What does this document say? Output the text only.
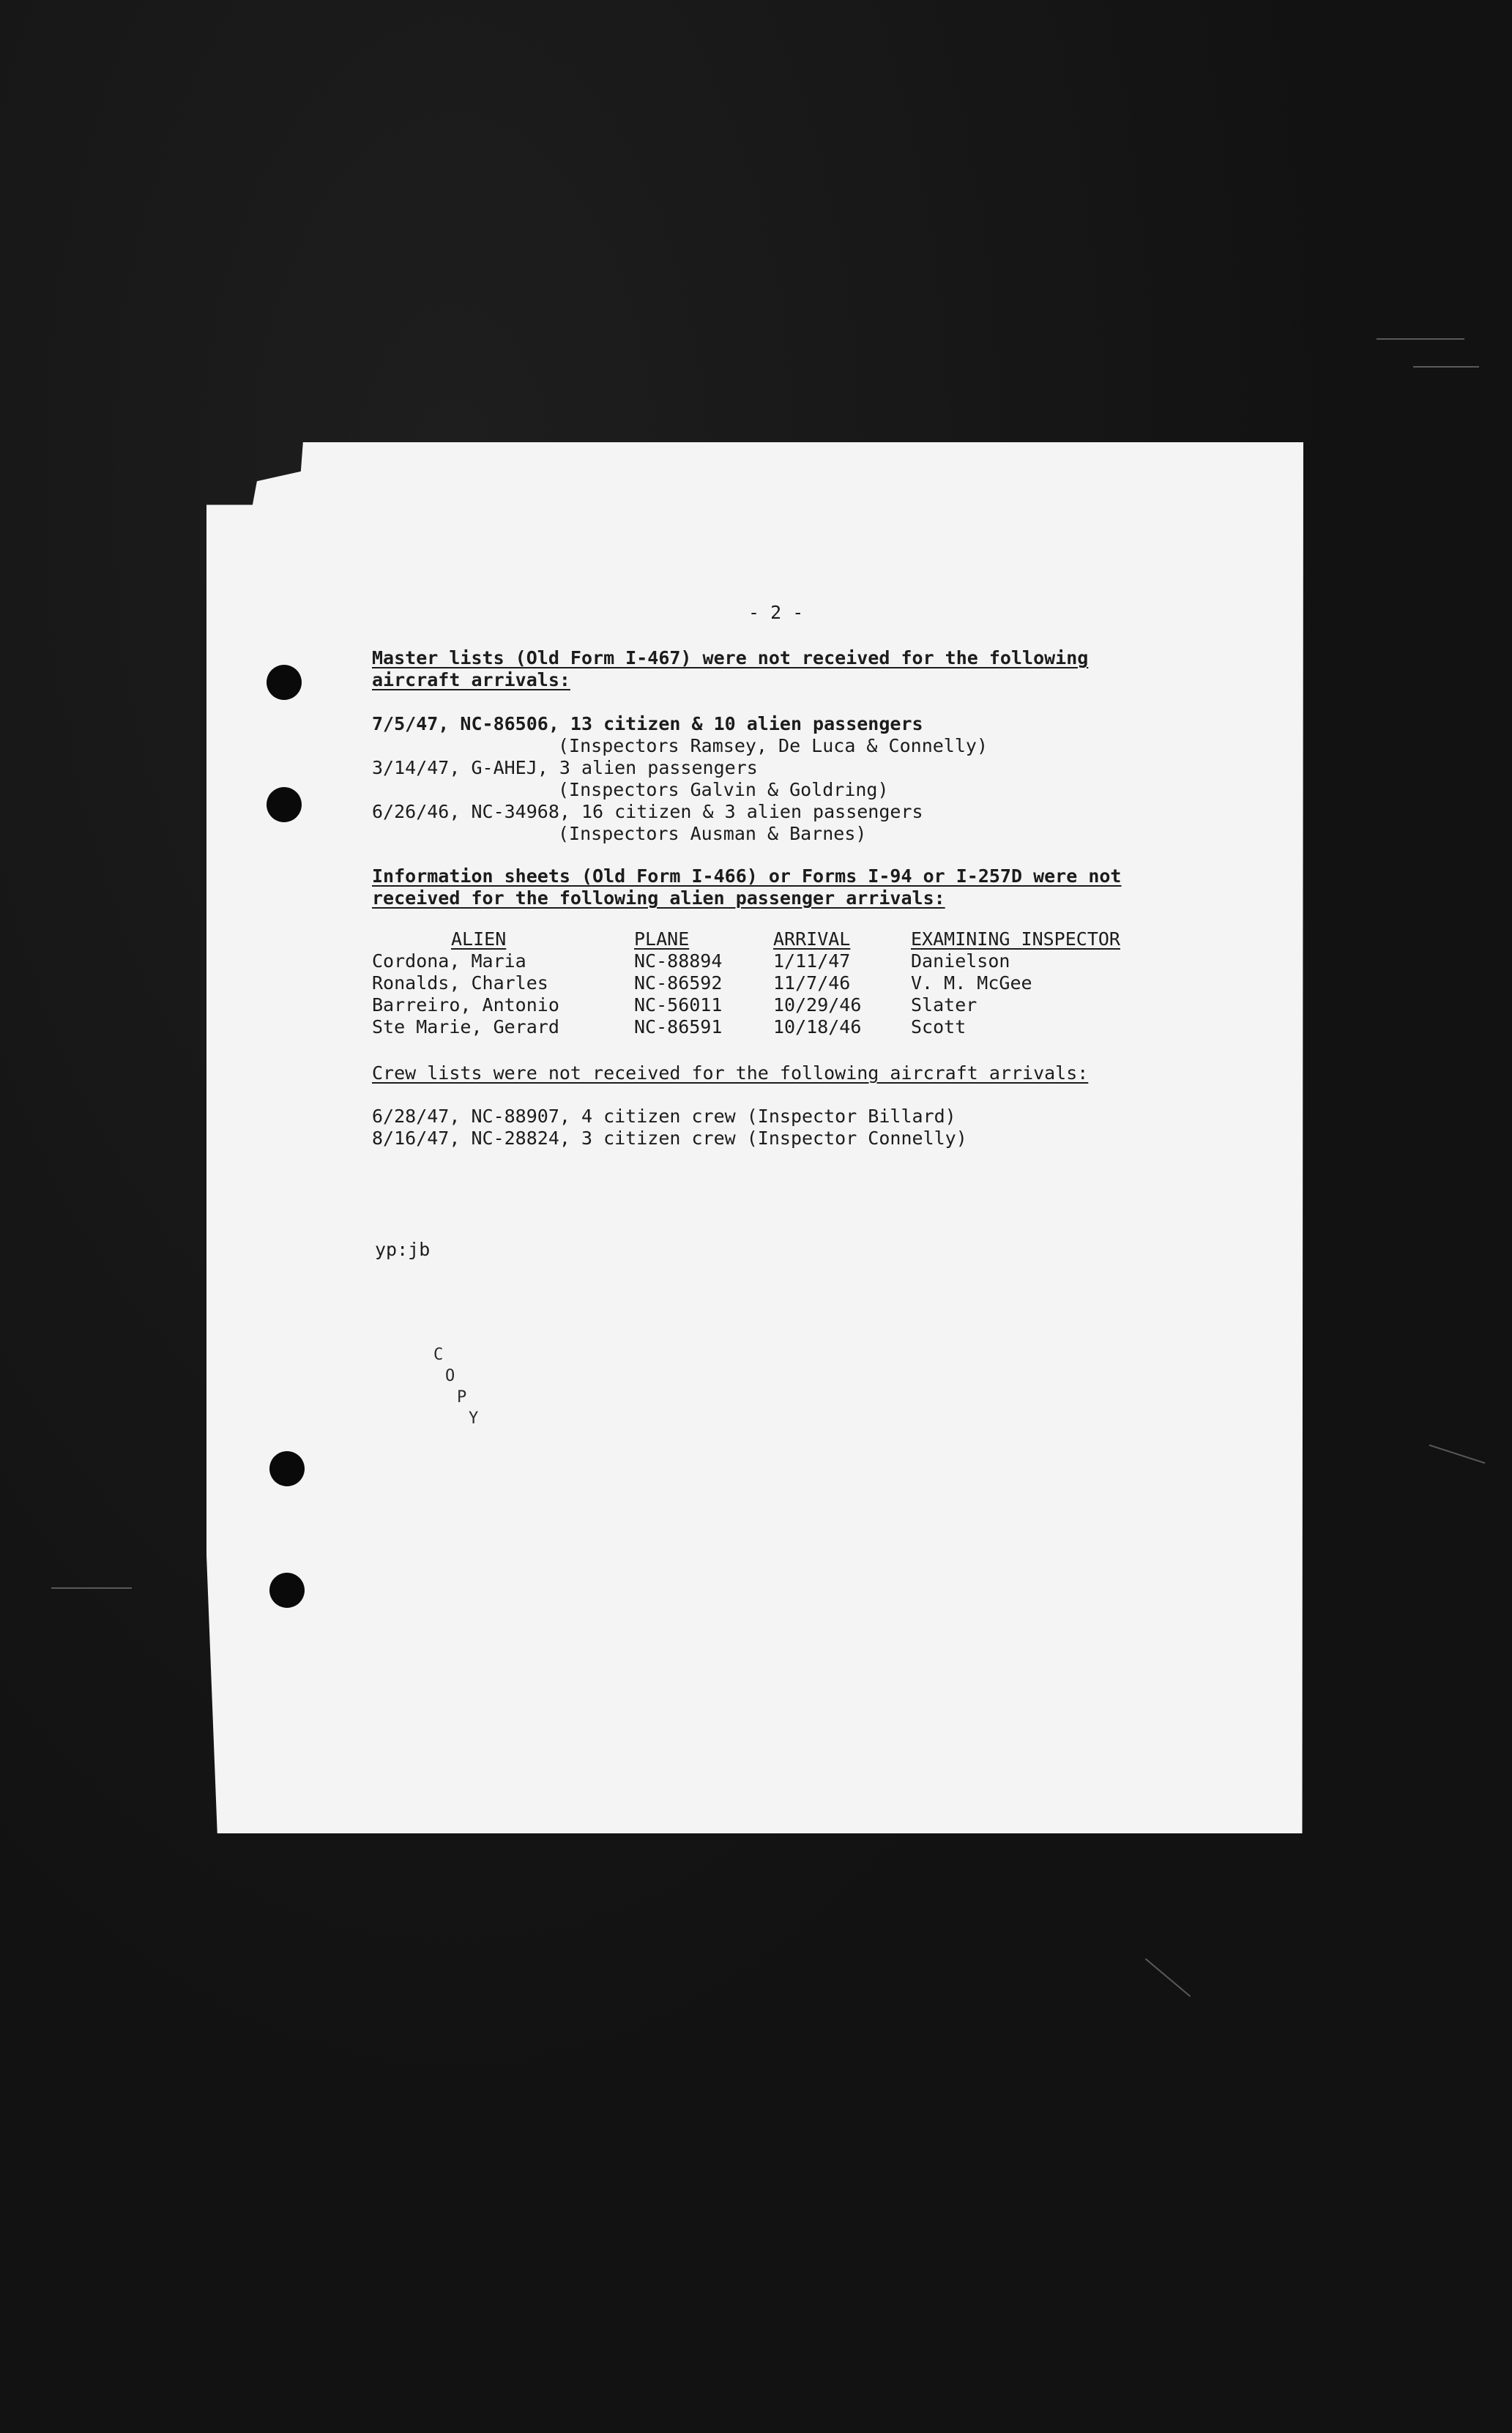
- 2 -
Master lists (Old Form I-467) were not received for the following
aircraft arrivals:
7/5/47, NC-86506, 13 citizen & 10 alien passengers
(Inspectors Ramsey, De Luca & Connelly)
3/14/47, G-AHEJ, 3 alien passengers
(Inspectors Galvin & Goldring)
6/26/46, NC-34968, 16 citizen & 3 alien passengers
(Inspectors Ausman & Barnes)
Information sheets (Old Form I-466) or Forms I-94 or I-257D were not
received for the following alien passenger arrivals:
ALIEN
Cordona, Maria
Ronalds, Charles
Barreiro, Antonio
Ste Marie, Gerard
PLANE
NC-88894
NC-86592
NC-56011
NC-86591
ARRIVAL
1/11/47
11/7/46
10/29/46
10/18/46
EXAMINING INSPECTOR
Danielson
V. M. McGee
Slater
Scott
Crew lists were not received for the following aircraft arrivals:
6/28/47, NC-88907, 4 citizen crew (Inspector Billard)
8/16/47, NC-28824, 3 citizen crew (Inspector Connelly)
yp:jb
C
O
P
Y
